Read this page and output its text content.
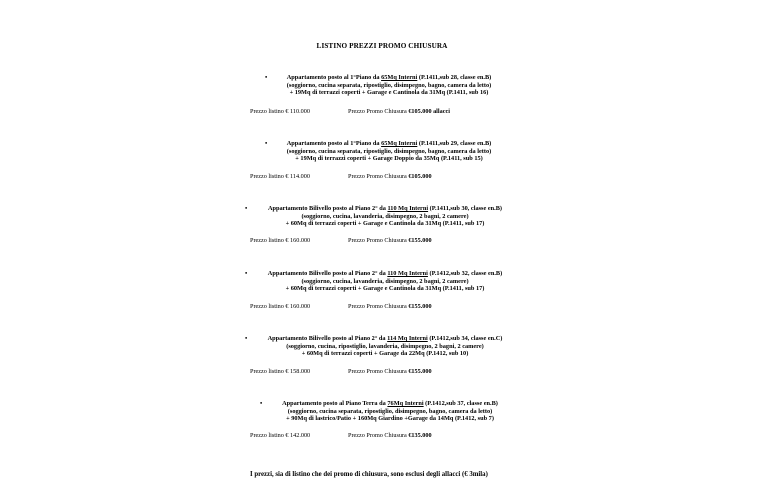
LISTINO PREZZI PROMO CHIUSURA
•	Appartamento posto al 1°Piano da 65Mq Interni (P.1411,sub 28, classe en.B)
(soggiorno, cucina separata, ripostiglio, disimpegno, bagno, camera da letto)
+ 19Mq di terrazzi coperti + Garage e Cantinola da 31Mq (P.1411, sub 16)
Prezzo listino € 110.000	Prezzo Promo Chiusura €105.000 allacci
•	Appartamento posto al 1°Piano da 65Mq Interni (P.1411,sub 29, classe en.B)
(soggiorno, cucina separata, ripostiglio, disimpegno, bagno, camera da letto)
+ 19Mq di terrazzi coperti + Garage Doppio da 35Mq (P.1411, sub 15)
Prezzo listino € 114.000	Prezzo Promo Chiusura €105.000
•	Appartamento Bilivello posto al Piano 2° da 110 Mq Interni (P.1411,sub 30, classe en.B)
(soggiorno, cucina, lavanderia, disimpegno, 2 bagni, 2 camere)
+ 60Mq di terrazzi coperti + Garage e Cantinola da 31Mq (P.1411, sub 17)
Prezzo listino € 160.000	Prezzo Promo Chiusura €155.000
•	Appartamento Bilivello posto al Piano 2° da 110 Mq Interni (P.1412,sub 32, classe en.B)
(soggiorno, cucina, lavanderia, disimpegno, 2 bagni, 2 camere)
+ 60Mq di terrazzi coperti + Garage e Cantinola da 31Mq (P.1411, sub 17)
Prezzo listino € 160.000	Prezzo Promo Chiusura €155.000
•	Appartamento Bilivello posto al Piano 2° da 114 Mq Interni (P.1412,sub 34, classe en.C)
(soggiorno, cucina, ripostiglio, lavanderia, disimpegno, 2 bagni, 2 camere)
+ 60Mq di terrazzi coperti + Garage da 22Mq (P.1412, sub 10)
Prezzo listino € 158.000	Prezzo Promo Chiusura €155.000
•	Appartamento posto al Piano Terra da 76Mq Interni (P.1412,sub 37, classe en.B)
(soggiorno, cucina separata, ripostiglio, disimpegno, bagno, camera da letto)
+ 90Mq di lastrico/Patio + 160Mq Giardino +Garage da 14Mq (P.1412, sub 7)
Prezzo listino € 142.000	Prezzo Promo Chiusura €135.000
I prezzi, sia di listino che dei promo di chiusura, sono esclusi degli allacci (€ 3mila)
